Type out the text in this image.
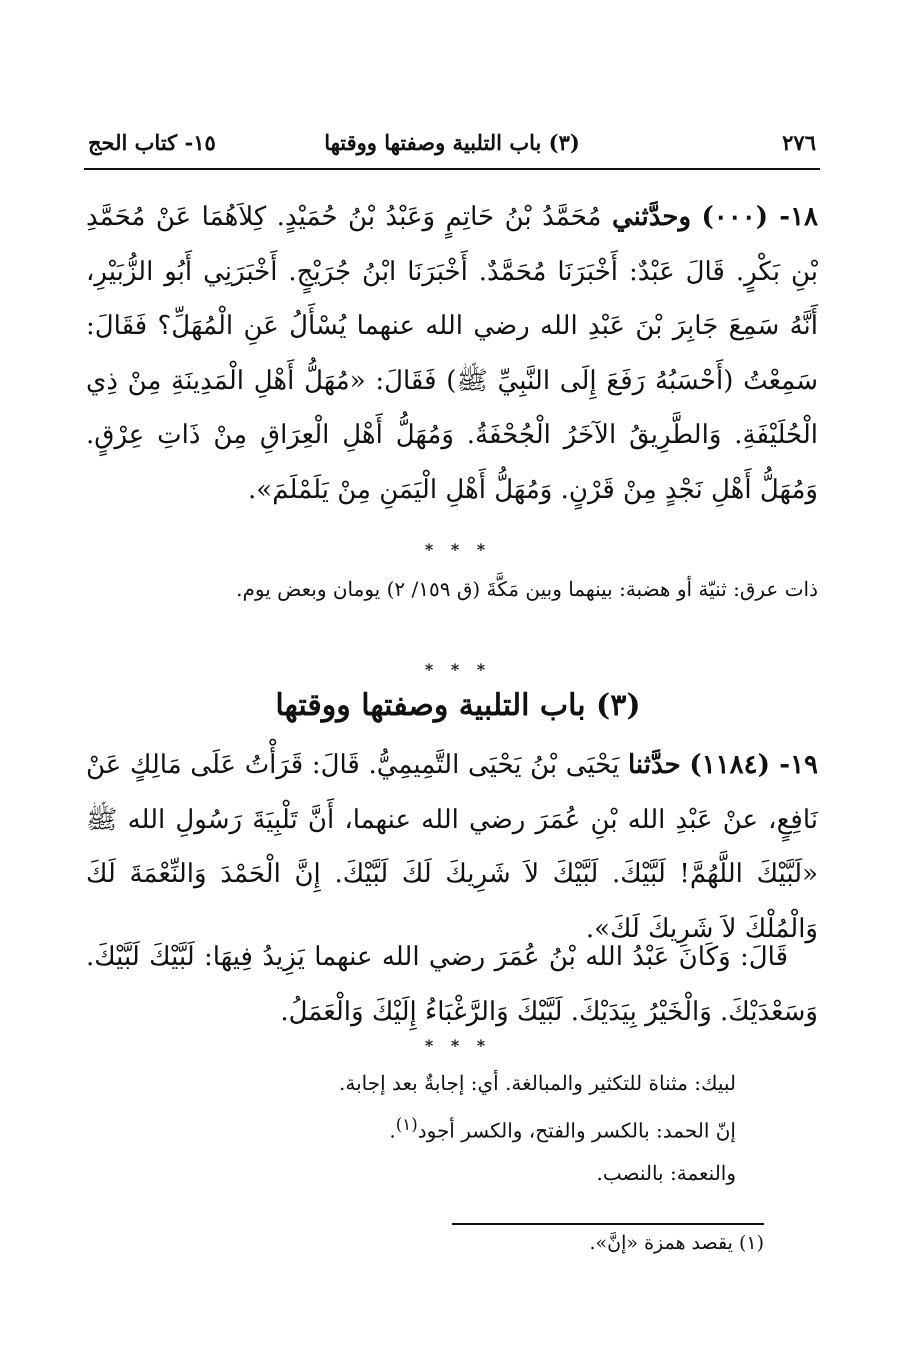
٢٧٦
(٣) باب التلبية وصفتها ووقتها
١٥- كتاب الحج
١٨- (٠٠٠) وحدَّثني مُحَمَّدُ بْنُ حَاتِمٍ وَعَبْدُ بْنُ حُمَيْدٍ. كِلاَهُمَا عَنْ مُحَمَّدِ بْنِ بَكْرٍ. قَالَ عَبْدٌ: أَخْبَرَنَا مُحَمَّدٌ. أَخْبَرَنَا ابْنُ جُرَيْجٍ. أَخْبَرَنِي أَبُو الزُّبَيْرِ، أَنَّهُ سَمِعَ جَابِرَ بْنَ عَبْدِ الله رضي الله عنهما يُسْأَلُ عَنِ الْمُهَلِّ؟ فَقَالَ: سَمِعْتُ (أَحْسَبُهُ رَفَعَ إِلَى النَّبِيِّ ﷺ) فَقَالَ: «مُهَلُّ أَهْلِ الْمَدِينَةِ مِنْ ذِي الْحُلَيْفَةِ. وَالطَّرِيقُ الآخَرُ الْجُحْفَةُ. وَمُهَلُّ أَهْلِ الْعِرَاقِ مِنْ ذَاتِ عِرْقٍ. وَمُهَلُّ أَهْلِ نَجْدٍ مِنْ قَرْنٍ. وَمُهَلُّ أَهْلِ الْيَمَنِ مِنْ يَلَمْلَمَ».
* * *
ذات عرق: ثنيّة أو هضبة: بينهما وبين مَكَّةَ (ق ١٥٩/ ٢) يومان وبعض يوم.
* * *
(٣) باب التلبية وصفتها ووقتها
١٩- (١١٨٤) حدَّثنا يَحْيَى بْنُ يَحْيَى التَّمِيمِيُّ. قَالَ: قَرَأْتُ عَلَى مَالِكٍ عَنْ نَافِعٍ، عنْ عَبْدِ الله بْنِ عُمَرَ رضي الله عنهما، أَنَّ تَلْبِيَةَ رَسُولِ الله ﷺ «لَبَّيْكَ اللَّهُمَّ! لَبَّيْكَ. لَبَّيْكَ لاَ شَرِيكَ لَكَ لَبَّيْكَ. إِنَّ الْحَمْدَ وَالنِّعْمَةَ لَكَ وَالْمُلْكَ لاَ شَرِيكَ لَكَ».
قَالَ: وَكَانَ عَبْدُ الله بْنُ عُمَرَ رضي الله عنهما يَزِيدُ فِيهَا: لَبَّيْكَ لَبَّيْكَ. وَسَعْدَيْكَ. وَالْخَيْرُ بِيَدَيْكَ. لَبَّيْكَ وَالرَّغْبَاءُ إِلَيْكَ وَالْعَمَلُ.
* * *
لبيك: مثناة للتكثير والمبالغة. أي: إجابةٌ بعد إجابة.
إنّ الحمد: بالكسر والفتح، والكسر أجود$^{(١)}$.
والنعمة: بالنصب.
(١) يقصد همزة «إنَّ».
